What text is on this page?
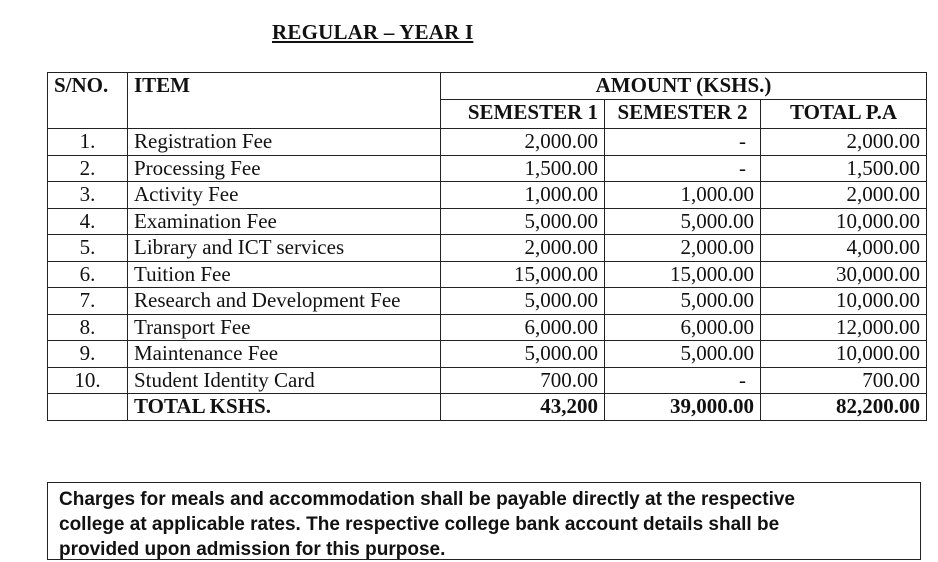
REGULAR – YEAR I
S/NO.	ITEM	AMOUNT (KSHS.)		
		SEMESTER 1	SEMESTER 2	TOTAL P.A
1.	Registration Fee	2,000.00	-	2,000.00
2.	Processing Fee	1,500.00	-	1,500.00
3.	Activity Fee	1,000.00	1,000.00	2,000.00
4.	Examination Fee	5,000.00	5,000.00	10,000.00
5.	Library and ICT services	2,000.00	2,000.00	4,000.00
6.	Tuition Fee	15,000.00	15,000.00	30,000.00
7.	Research and Development Fee	5,000.00	5,000.00	10,000.00
8.	Transport Fee	6,000.00	6,000.00	12,000.00
9.	Maintenance Fee	5,000.00	5,000.00	10,000.00
10.	Student Identity Card	700.00	-	700.00
	TOTAL KSHS.	43,200	39,000.00	82,200.00
Charges for meals and accommodation shall be payable directly at the respective
college at applicable rates. The respective college bank account details shall be
provided upon admission for this purpose.
